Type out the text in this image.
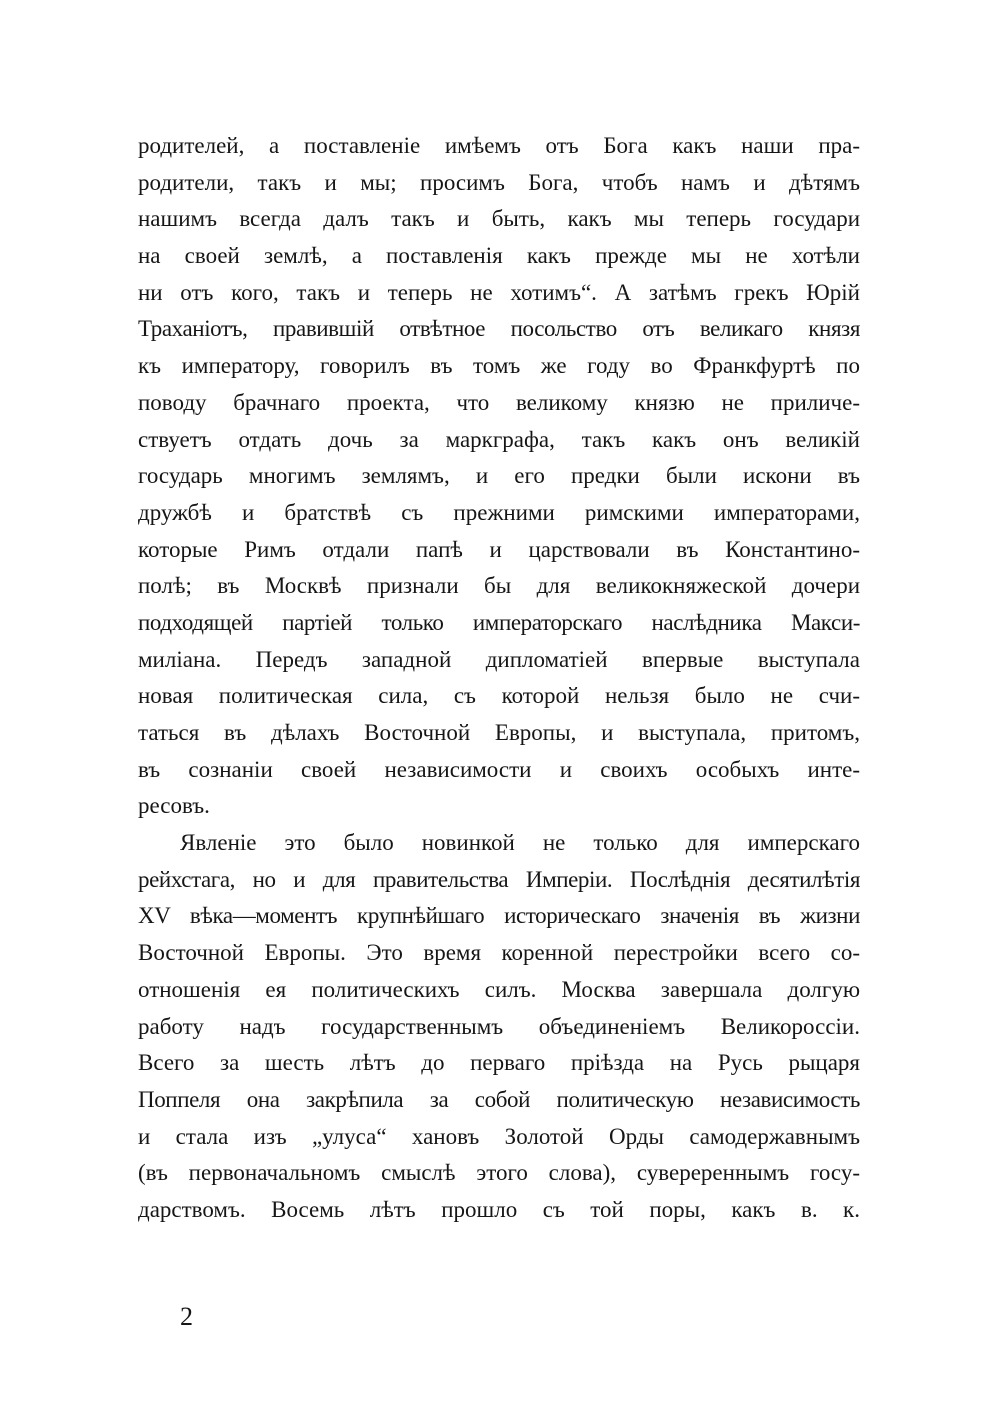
родителей, а поставленіе имѣемъ отъ Бога какъ наши пра-
родители, такъ и мы; просимъ Бога, чтобъ намъ и дѣтямъ
нашимъ всегда далъ такъ и быть, какъ мы теперь государи
на своей землѣ, а поставленія какъ прежде мы не хотѣли
ни отъ кого, такъ и теперь не хотимъ“. А затѣмъ грекъ Юрій
Траханіотъ, правившій отвѣтное посольство отъ великаго князя
къ императору, говорилъ въ томъ же году во Франкфуртѣ по
поводу брачнаго проекта, что великому князю не приличе-
ствуетъ отдать дочь за маркграфа, такъ какъ онъ великій
государь многимъ землямъ, и его предки были искони въ
дружбѣ и братствѣ съ прежними римскими императорами,
которые Римъ отдали папѣ и царствовали въ Константино-
полѣ; въ Москвѣ признали бы для великокняжеской дочери
подходящей партіей только императорскаго наслѣдника Макси-
миліана. Передъ западной дипломатіей впервые выступала
новая политическая сила, съ которой нельзя было не счи-
таться въ дѣлахъ Восточной Европы, и выступала, притомъ,
въ сознаніи своей независимости и своихъ особыхъ инте-
ресовъ.
Явленіе это было новинкой не только для имперскаго
рейхстага, но и для правительства Имперіи. Послѣднія десятилѣтія
XV вѣка—моментъ крупнѣйшаго историческаго значенія въ жизни
Восточной Европы. Это время коренной перестройки всего со-
отношенія ея политическихъ силъ. Москва завершала долгую
работу надъ государственнымъ объединеніемъ Великороссіи.
Всего за шесть лѣтъ до перваго пріѣзда на Русь рыцаря
Поппеля она закрѣпила за собой политическую независимость
и стала изъ „улуса“ хановъ Золотой Орды самодержавнымъ
(въ первоначальномъ смыслѣ этого слова), суверереннымъ госу-
дарствомъ. Восемь лѣтъ прошло съ той поры, какъ в. к.
2
